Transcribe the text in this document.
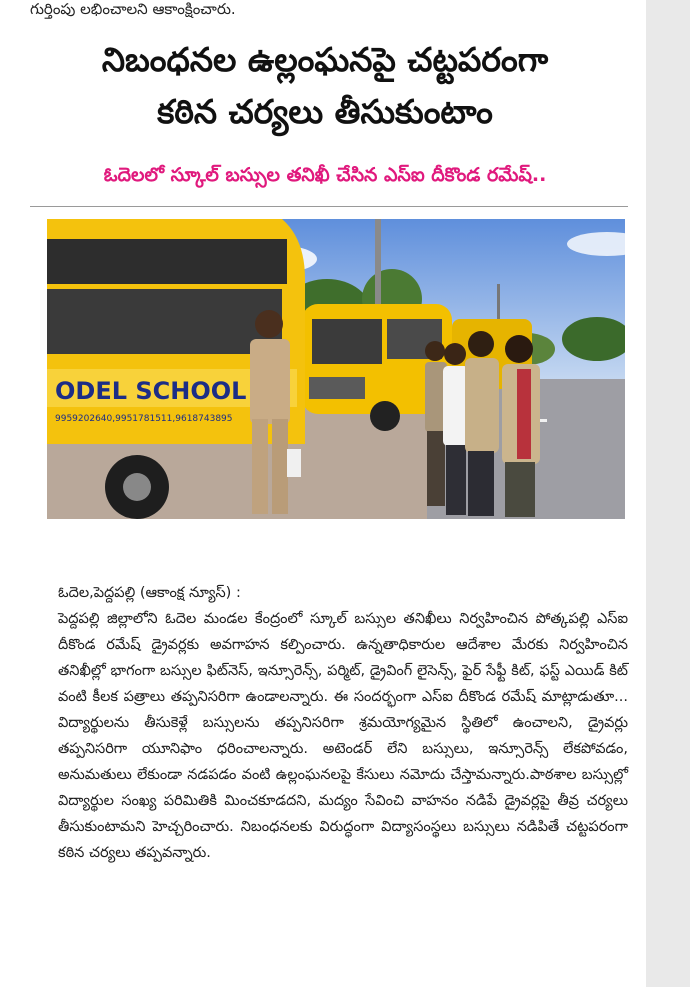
గుర్తింపు లభించాలని ఆకాంక్షించారు.
నిబంధనల ఉల్లంఘనపై చట్టపరంగా
కఠిన చర్యలు తీసుకుంటాం
ఓదెలలో స్కూల్ బస్సుల తనిఖీ చేసిన ఎస్ఐ దీకొండ రమేష్..
ODEL SCHOOL
9959202640,9951781511,9618743895
ఓదెల,పెద్దపల్లి (ఆకాంక్ష న్యూస్) :
పెద్దపల్లి జిల్లాలోని ఓదెల మండల కేంద్రంలో స్కూల్ బస్సుల తనిఖీలు నిర్వహించిన పోత్కపల్లి ఎస్ఐ దీకొండ రమేష్ డ్రైవర్లకు అవగాహన కల్పించారు. ఉన్నతాధికారుల ఆదేశాల మేరకు నిర్వహించిన తనిఖీల్లో భాగంగా బస్సుల ఫిట్‌నెస్, ఇన్సూరెన్స్, పర్మిట్, డ్రైవింగ్ లైసెన్స్, ఫైర్ సేఫ్టీ కిట్, ఫస్ట్ ఎయిడ్ కిట్ వంటి కీలక పత్రాలు తప్పనిసరిగా ఉండాలన్నారు. ఈ సందర్భంగా ఎస్ఐ దీకొండ రమేష్ మాట్లాడుతూ... విద్యార్థులను తీసుకెళ్లే బస్సులను తప్పనిసరిగా శ్రమయోగ్యమైన స్థితిలో ఉంచాలని, డ్రైవర్లు తప్పనిసరిగా యూనిఫాం ధరించాలన్నారు. అటెండర్ లేని బస్సులు, ఇన్సూరెన్స్ లేకపోవడం, అనుమతులు లేకుండా నడపడం వంటి ఉల్లంఘనలపై కేసులు నమోదు చేస్తామన్నారు.పాఠశాల బస్సుల్లో విద్యార్థుల సంఖ్య పరిమితికి మించకూడదని, మద్యం సేవించి వాహనం నడిపే డ్రైవర్లపై తీవ్ర చర్యలు తీసుకుంటామని హెచ్చరించారు. నిబంధనలకు విరుద్ధంగా విద్యాసంస్థలు బస్సులు నడిపితే చట్టపరంగా కఠిన చర్యలు తప్పవన్నారు.
